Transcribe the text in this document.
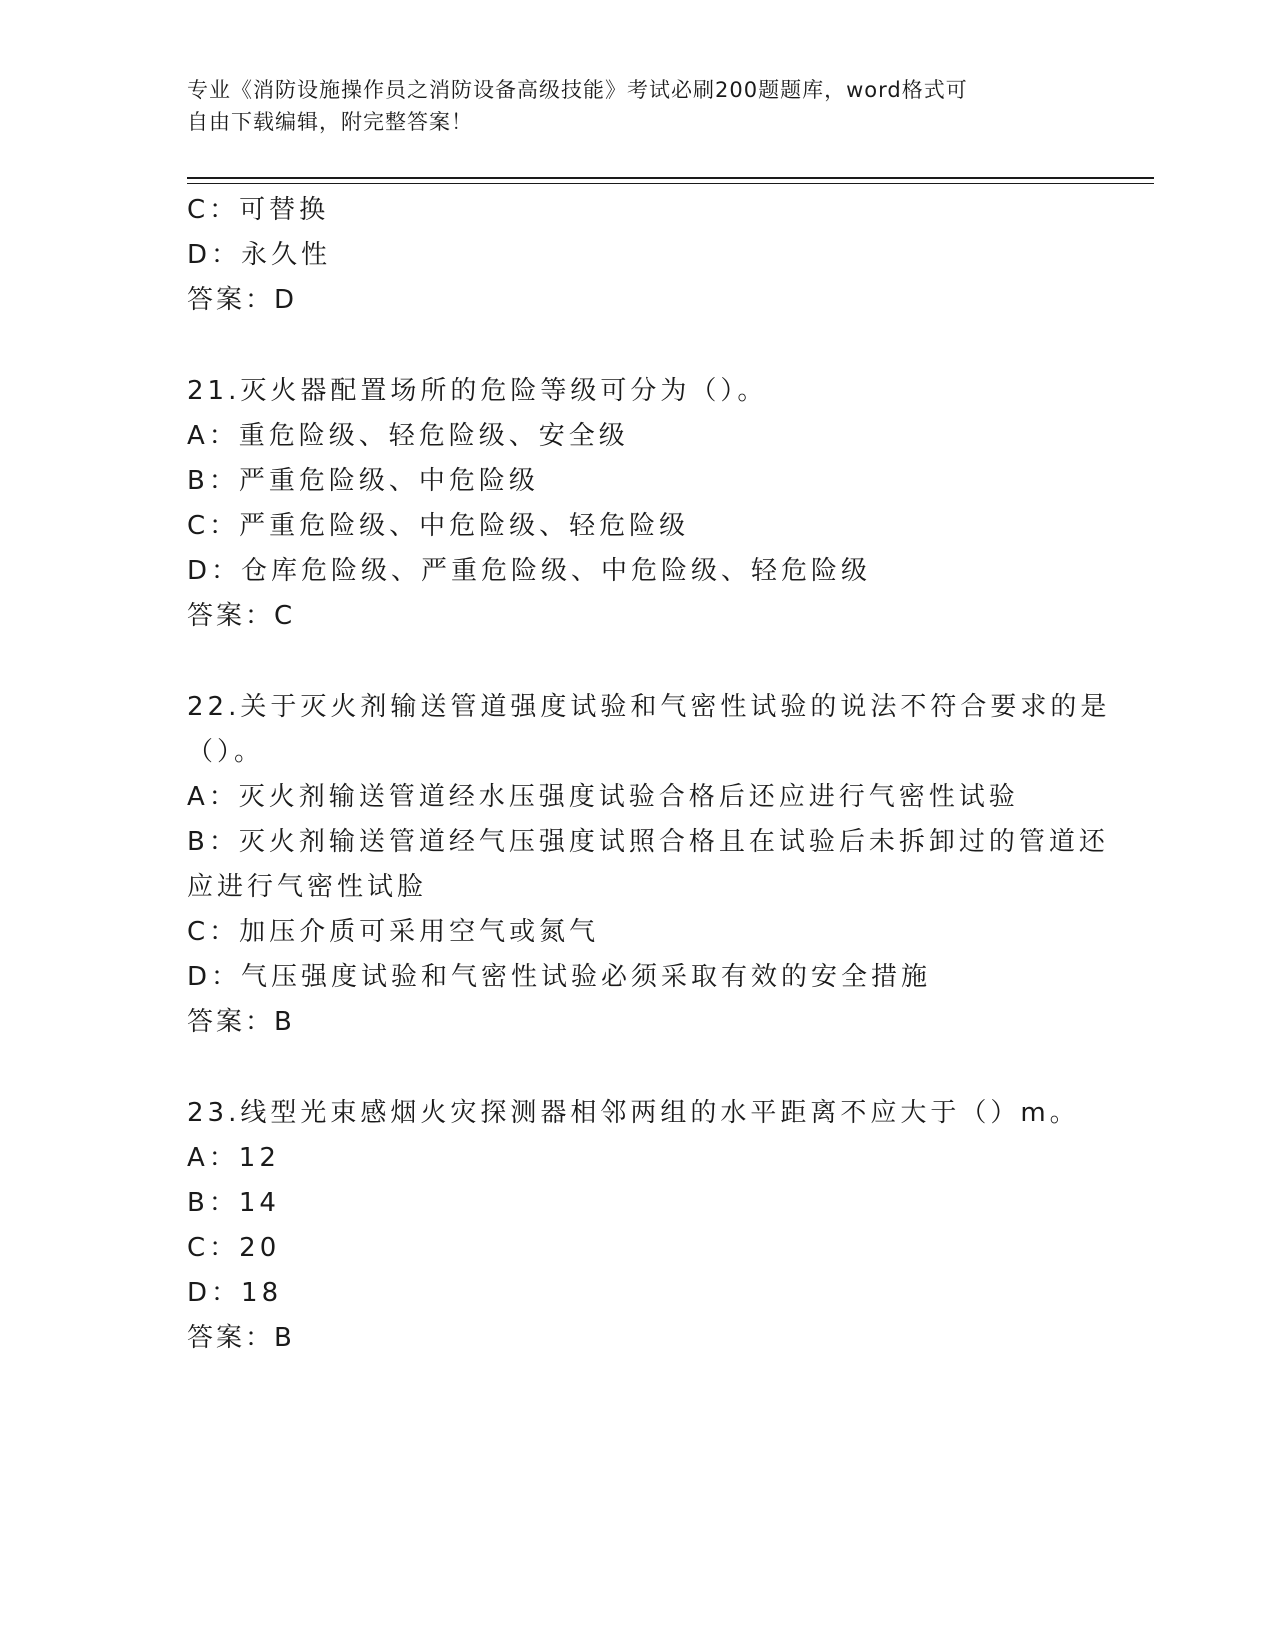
专业《消防设施操作员之消防设备高级技能》考试必刷200题题库，word格式可
自由下载编辑，附完整答案！
C：可替换
D：永久性
答案：D
21.灭火器配置场所的危险等级可分为（）。
A：重危险级、轻危险级、安全级
B：严重危险级、中危险级
C：严重危险级、中危险级、轻危险级
D：仓库危险级、严重危险级、中危险级、轻危险级
答案：C
22.关于灭火剂输送管道强度试验和气密性试验的说法不符合要求的是
（）。
A：灭火剂输送管道经水压强度试验合格后还应进行气密性试验
B：灭火剂输送管道经气压强度试照合格且在试验后未拆卸过的管道还
应进行气密性试脸
C：加压介质可采用空气或氮气
D：气压强度试验和气密性试验必须采取有效的安全措施
答案：B
23.线型光束感烟火灾探测器相邻两组的水平距离不应大于（）m。
A：12
B：14
C：20
D：18
答案：B
